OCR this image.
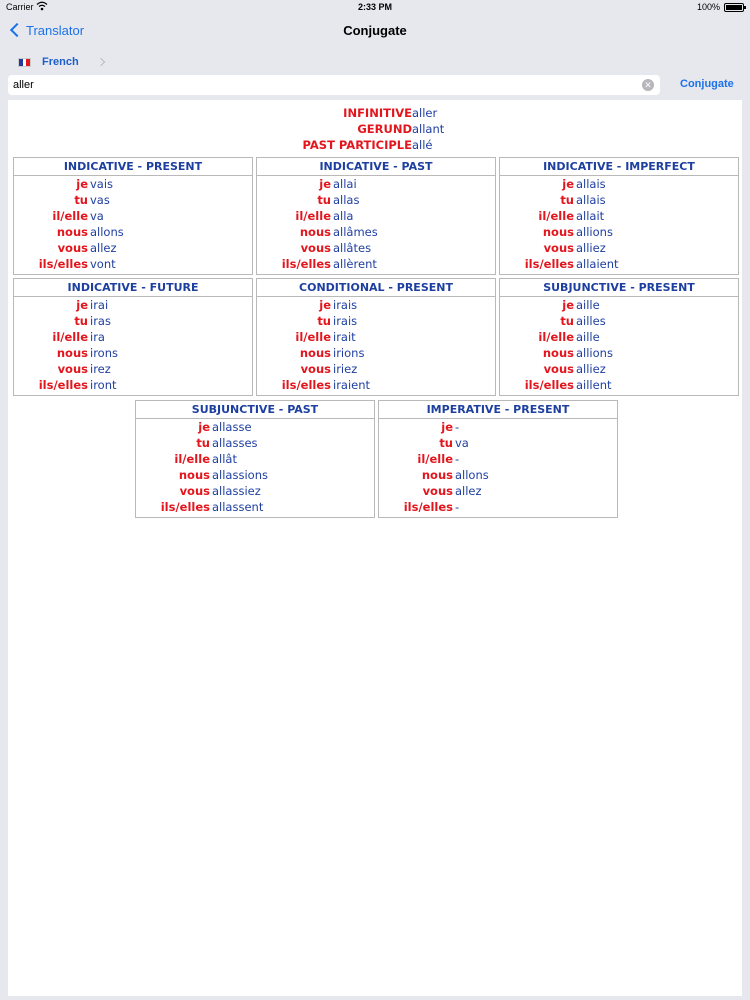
Carrier	2:33 PM	100%
Translator	Conjugate
French
aller
✕	Conjugate
INFINITIVE aller
GERUND allant
PAST PARTICIPLE allé
INDICATIVE - PRESENT
je vais
tu vas
il/elle va
nous allons
vous allez
ils/elles vont
INDICATIVE - PAST
je allai
tu allas
il/elle alla
nous allâmes
vous allâtes
ils/elles allèrent
INDICATIVE - IMPERFECT
je allais
tu allais
il/elle allait
nous allions
vous alliez
ils/elles allaient
INDICATIVE - FUTURE
je irai
tu iras
il/elle ira
nous irons
vous irez
ils/elles iront
CONDITIONAL - PRESENT
je irais
tu irais
il/elle irait
nous irions
vous iriez
ils/elles iraient
SUBJUNCTIVE - PRESENT
je aille
tu ailles
il/elle aille
nous allions
vous alliez
ils/elles aillent
SUBJUNCTIVE - PAST
je allasse
tu allasses
il/elle allât
nous allassions
vous allassiez
ils/elles allassent
IMPERATIVE - PRESENT
je -
tu va
il/elle -
nous allons
vous allez
ils/elles -
